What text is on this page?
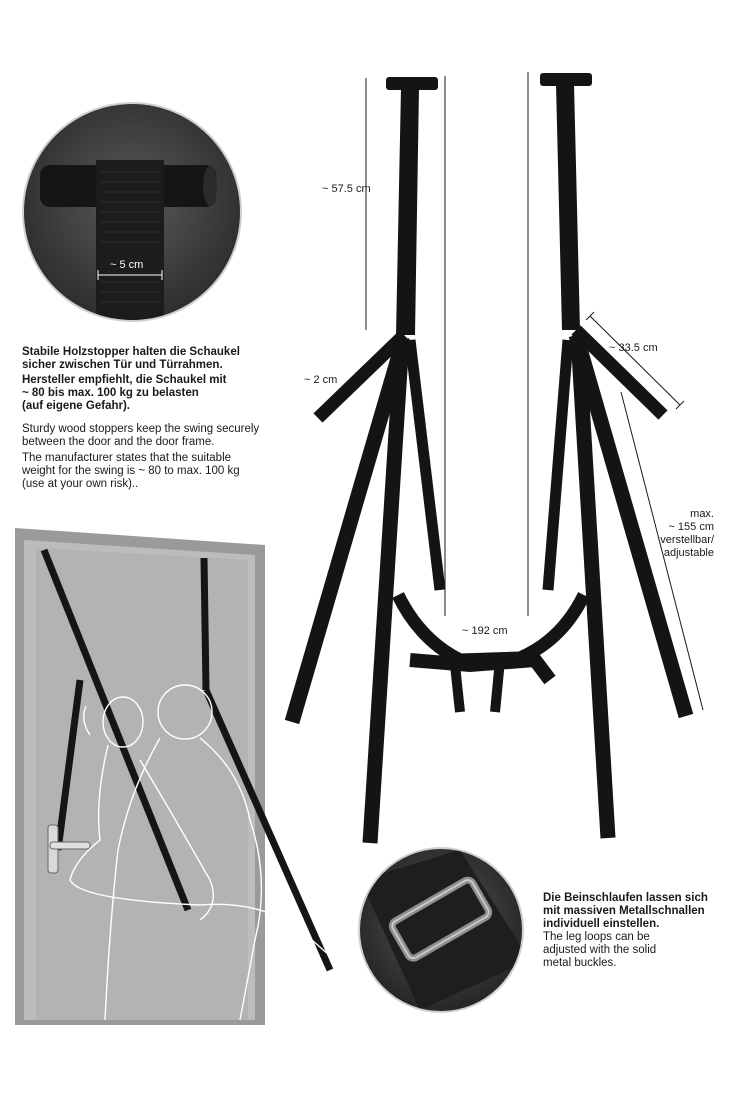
~ 5 cm
Stabile Holzstopper halten die Schaukel
sicher zwischen Tür und Türrahmen.
Hersteller empfiehlt, die Schaukel mit
~ 80 bis max. 100 kg zu belasten
(auf eigene Gefahr).
Sturdy wood stoppers keep the swing securely
between the door and the door frame.
The manufacturer states that the suitable
weight for the swing is ~ 80 to max. 100 kg
(use at your own risk)..
~ 57.5 cm
~ 2 cm
~ 33.5 cm
~ 192 cm
max.
~ 155 cm
verstellbar/
adjustable
Die Beinschlaufen lassen sich
mit massiven Metallschnallen
individuell einstellen.
The leg loops can be
adjusted with the solid
metal buckles.
